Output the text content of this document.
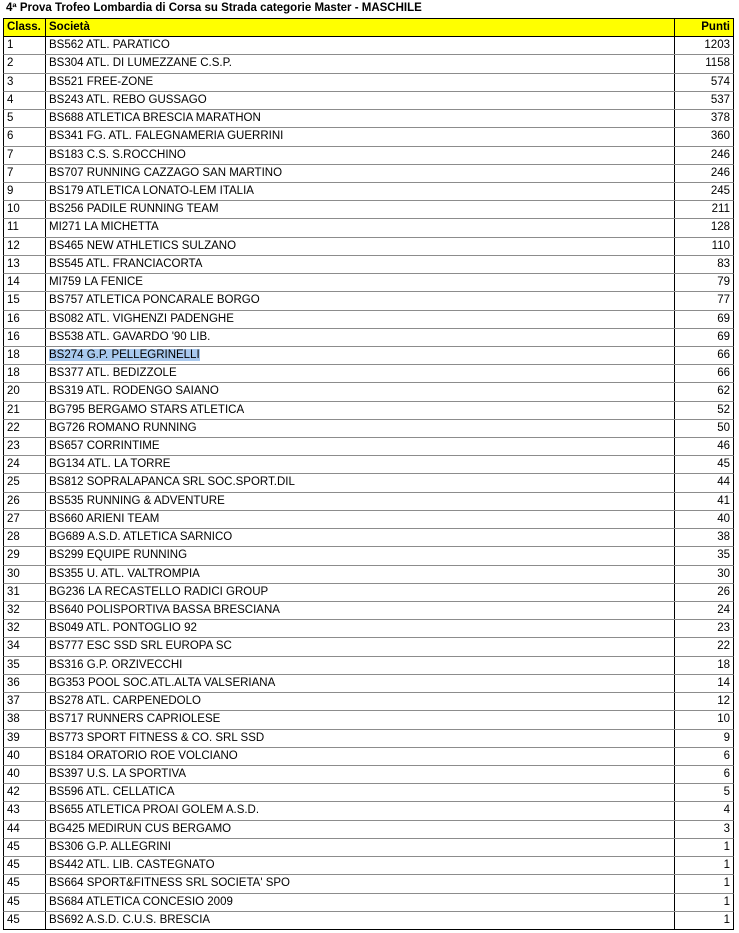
4ª Prova Trofeo Lombardia di Corsa su Strada categorie Master - MASCHILE
Class. Società	Punti
1	BS562 ATL. PARATICO	1203
2	BS304 ATL. DI LUMEZZANE C.S.P.	1158
3	BS521 FREE-ZONE	574
4	BS243 ATL. REBO GUSSAGO	537
5	BS688 ATLETICA BRESCIA MARATHON	378
6	BS341 FG. ATL. FALEGNAMERIA GUERRINI	360
7	BS183 C.S. S.ROCCHINO	246
7	BS707 RUNNING CAZZAGO SAN MARTINO	246
9	BS179 ATLETICA LONATO-LEM ITALIA	245
10	BS256 PADILE RUNNING TEAM	211
11	MI271 LA MICHETTA	128
12	BS465 NEW ATHLETICS SULZANO	110
13	BS545 ATL. FRANCIACORTA	83
14	MI759 LA FENICE	79
15	BS757 ATLETICA PONCARALE BORGO	77
16	BS082 ATL. VIGHENZI PADENGHE	69
16	BS538 ATL. GAVARDO '90 LIB.	69
18	BS274 G.P. PELLEGRINELLI	66
18	BS377 ATL. BEDIZZOLE	66
20	BS319 ATL. RODENGO SAIANO	62
21	BG795 BERGAMO STARS ATLETICA	52
22	BG726 ROMANO RUNNING	50
23	BS657 CORRINTIME	46
24	BG134 ATL. LA TORRE	45
25	BS812 SOPRALAPANCA SRL SOC.SPORT.DIL	44
26	BS535 RUNNING & ADVENTURE	41
27	BS660 ARIENI TEAM	40
28	BG689 A.S.D. ATLETICA SARNICO	38
29	BS299 EQUIPE RUNNING	35
30	BS355 U. ATL. VALTROMPIA	30
31	BG236 LA RECASTELLO RADICI GROUP	26
32	BS640 POLISPORTIVA BASSA BRESCIANA	24
32	BS049 ATL. PONTOGLIO 92	23
34	BS777 ESC SSD SRL EUROPA SC	22
35	BS316 G.P. ORZIVECCHI	18
36	BG353 POOL SOC.ATL.ALTA VALSERIANA	14
37	BS278 ATL. CARPENEDOLO	12
38	BS717 RUNNERS CAPRIOLESE	10
39	BS773 SPORT FITNESS & CO. SRL SSD	9
40	BS184 ORATORIO ROE VOLCIANO	6
40	BS397 U.S. LA SPORTIVA	6
42	BS596 ATL. CELLATICA	5
43	BS655 ATLETICA PROAI GOLEM A.S.D.	4
44	BG425 MEDIRUN CUS BERGAMO	3
45	BS306 G.P. ALLEGRINI	1
45	BS442 ATL. LIB. CASTEGNATO	1
45	BS664 SPORT&FITNESS SRL SOCIETA' SPO	1
45	BS684 ATLETICA CONCESIO 2009	1
45	BS692 A.S.D. C.U.S. BRESCIA	1
